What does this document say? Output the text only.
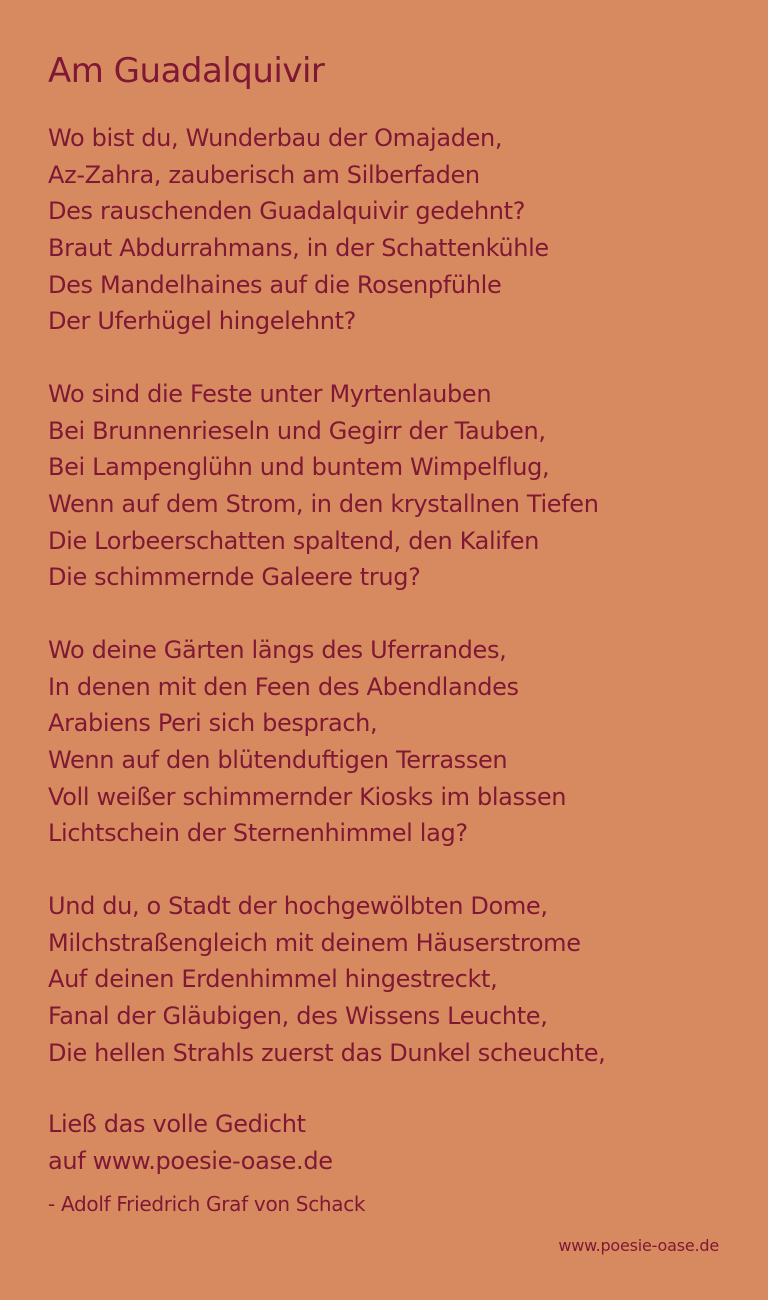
Am Guadalquivir
Wo bist du, Wunderbau der Omajaden,
Az-Zahra, zauberisch am Silberfaden
Des rauschenden Guadalquivir gedehnt?
Braut Abdurrahmans, in der Schattenkühle
Des Mandelhaines auf die Rosenpfühle
Der Uferhügel hingelehnt?
Wo sind die Feste unter Myrtenlauben
Bei Brunnenrieseln und Gegirr der Tauben,
Bei Lampenglühn und buntem Wimpelflug,
Wenn auf dem Strom, in den krystallnen Tiefen
Die Lorbeerschatten spaltend, den Kalifen
Die schimmernde Galeere trug?
Wo deine Gärten längs des Uferrandes,
In denen mit den Feen des Abendlandes
Arabiens Peri sich besprach,
Wenn auf den blütenduftigen Terrassen
Voll weißer schimmernder Kiosks im blassen
Lichtschein der Sternenhimmel lag?
Und du, o Stadt der hochgewölbten Dome,
Milchstraßengleich mit deinem Häuserstrome
Auf deinen Erdenhimmel hingestreckt,
Fanal der Gläubigen, des Wissens Leuchte,
Die hellen Strahls zuerst das Dunkel scheuchte,
Ließ das volle Gedicht
auf www.poesie-oase.de
- Adolf Friedrich Graf von Schack
www.poesie-oase.de
